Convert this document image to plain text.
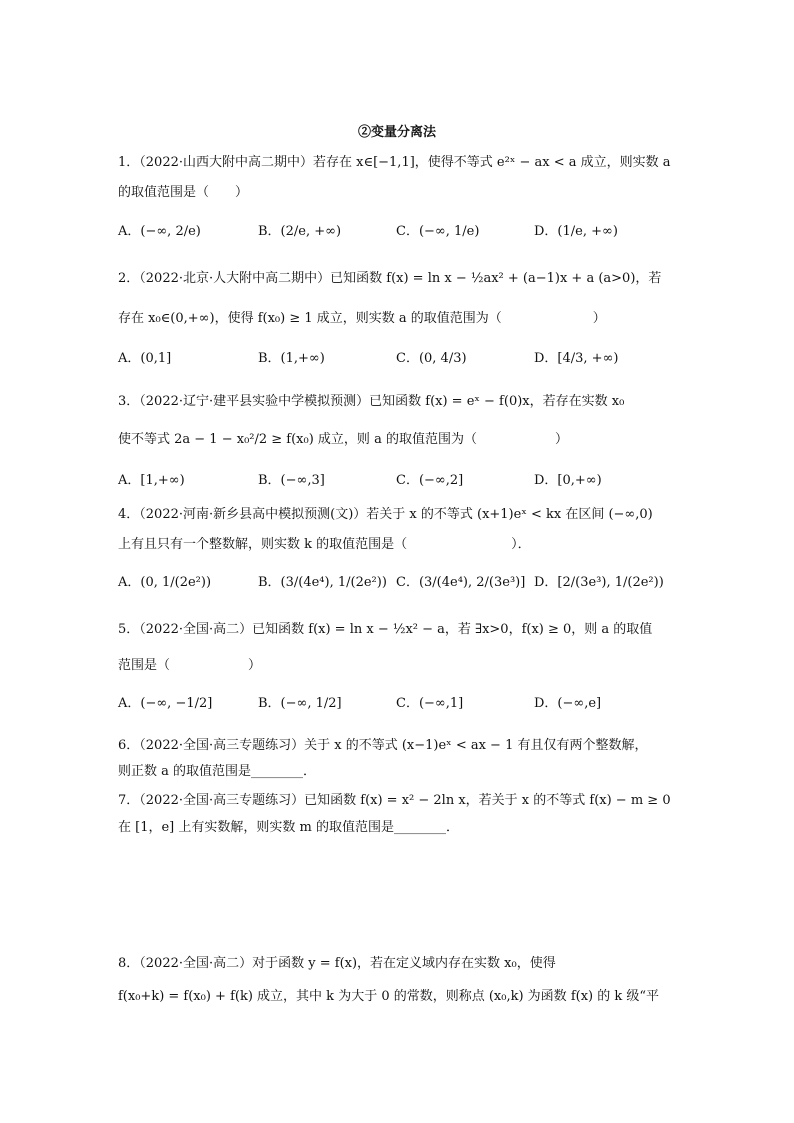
②变量分离法
1．（2022·山西大附中高二期中）若存在 x∈[−1,1]，使得不等式 e²ˣ − ax < a 成立，则实数 a
的取值范围是（　　）
A．(−∞, 2/e)	B．(2/e, +∞)	C．(−∞, 1/e)	D．(1/e, +∞)
2．（2022·北京·人大附中高二期中）已知函数 f(x) = ln x − ½ax² + (a−1)x + a (a>0)，若
存在 x₀∈(0,+∞)，使得 f(x₀) ≥ 1 成立，则实数 a 的取值范围为（　　　　　　　）
A．(0,1]	B．(1,+∞)	C．(0, 4/3)	D．[4/3, +∞)
3．（2022·辽宁·建平县实验中学模拟预测）已知函数 f(x) = eˣ − f(0)x，若存在实数 x₀
使不等式 2a − 1 − x₀²/2 ≥ f(x₀) 成立，则 a 的取值范围为（　　　　　　）
A．[1,+∞)	B．(−∞,3]	C．(−∞,2]	D．[0,+∞)
4．（2022·河南·新乡县高中模拟预测(文)）若关于 x 的不等式 (x+1)eˣ < kx 在区间 (−∞,0)
上有且只有一个整数解，则实数 k 的取值范围是（　　　　　　　　）．
A．(0, 1/(2e²))	B．(3/(4e⁴), 1/(2e²)) C．(3/(4e⁴), 2/(3e³)] D．[2/(3e³), 1/(2e²))
5．（2022·全国·高二）已知函数 f(x) = ln x − ½x² − a，若 ∃x>0，f(x) ≥ 0，则 a 的取值
范围是（　　　　　　）
A．(−∞, −1/2]	B．(−∞, 1/2]	C．(−∞,1]	D．(−∞,e]
6．（2022·全国·高三专题练习）关于 x 的不等式 (x−1)eˣ < ax − 1 有且仅有两个整数解，
则正数 a 的取值范围是________．
7．（2022·全国·高三专题练习）已知函数 f(x) = x² − 2ln x，若关于 x 的不等式 f(x) − m ≥ 0
在 [1，e] 上有实数解，则实数 m 的取值范围是________．
8．（2022·全国·高二）对于函数 y = f(x)，若在定义域内存在实数 x₀，使得
f(x₀+k) = f(x₀) + f(k) 成立，其中 k 为大于 0 的常数，则称点 (x₀,k) 为函数 f(x) 的 k 级“平
